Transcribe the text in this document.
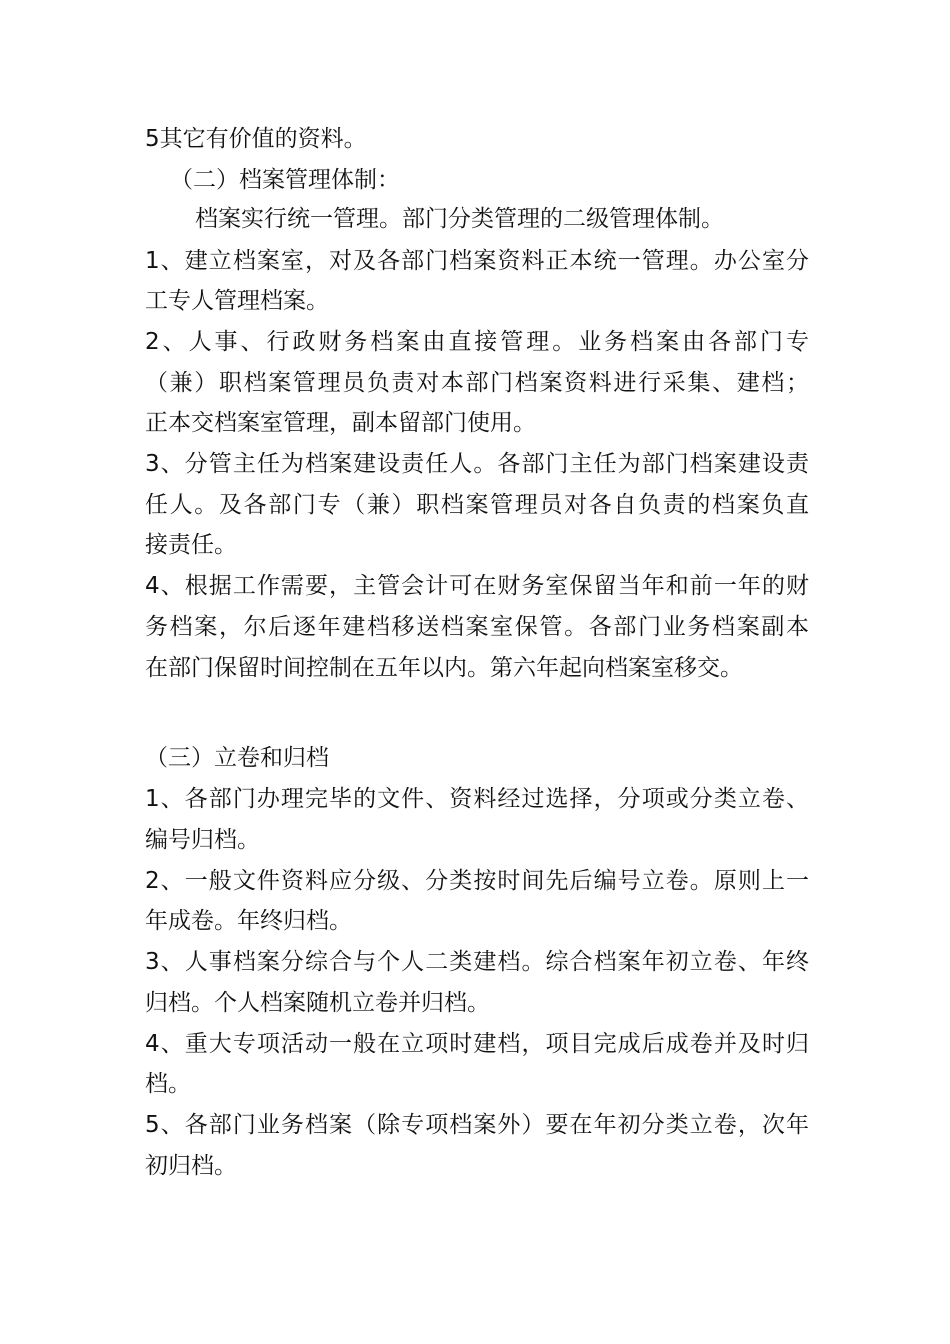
5其它有价值的资料。
（二）档案管理体制：
档案实行统一管理。部门分类管理的二级管理体制。
1、建立档案室，对及各部门档案资料正本统一管理。办公室分
工专人管理档案。
2、人事、行政财务档案由直接管理。业务档案由各部门专
（兼）职档案管理员负责对本部门档案资料进行采集、建档；
正本交档案室管理，副本留部门使用。
3、分管主任为档案建设责任人。各部门主任为部门档案建设责
任人。及各部门专（兼）职档案管理员对各自负责的档案负直
接责任。
4、根据工作需要，主管会计可在财务室保留当年和前一年的财
务档案，尔后逐年建档移送档案室保管。各部门业务档案副本
在部门保留时间控制在五年以内。第六年起向档案室移交。
（三）立卷和归档
1、各部门办理完毕的文件、资料经过选择，分项或分类立卷、
编号归档。
2、一般文件资料应分级、分类按时间先后编号立卷。原则上一
年成卷。年终归档。
3、人事档案分综合与个人二类建档。综合档案年初立卷、年终
归档。个人档案随机立卷并归档。
4、重大专项活动一般在立项时建档，项目完成后成卷并及时归
档。
5、各部门业务档案（除专项档案外）要在年初分类立卷，次年
初归档。
